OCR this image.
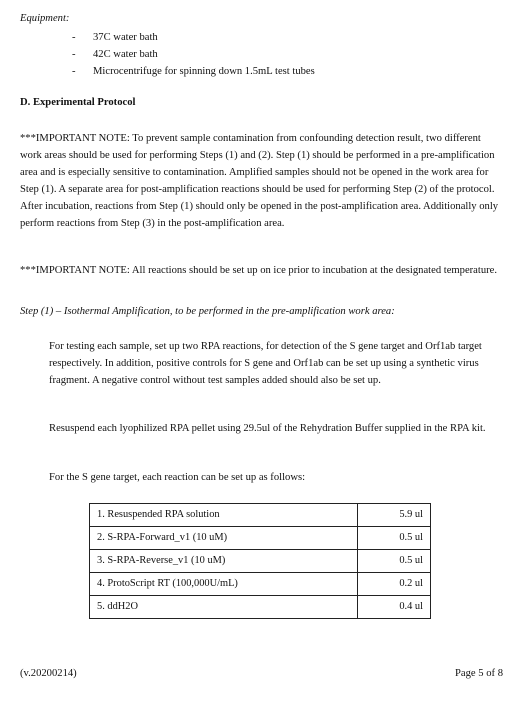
Equipment:
- 37C water bath
- 42C water bath
- Microcentrifuge for spinning down 1.5mL test tubes
D. Experimental Protocol

***IMPORTANT NOTE: To prevent sample contamination from confounding detection result, two different work areas should be used for performing Steps (1) and (2). Step (1) should be performed in a pre-amplification area and is especially sensitive to contamination. Amplified samples should not be opened in the work area for Step (1). A separate area for post-amplification reactions should be used for performing Step (2) of the protocol. After incubation, reactions from Step (1) should only be opened in the post-amplification area. Additionally only perform reactions from Step (3) in the post-amplification area.

***IMPORTANT NOTE: All reactions should be set up on ice prior to incubation at the designated temperature.

Step (1) – Isothermal Amplification, to be performed in the pre-amplification work area:

For testing each sample, set up two RPA reactions, for detection of the S gene target and Orf1ab target respectively. In addition, positive controls for S gene and Orf1ab can be set up using a synthetic virus fragment. A negative control without test samples added should also be set up.

Resuspend each lyophilized RPA pellet using 29.5ul of the Rehydration Buffer supplied in the RPA kit.

For the S gene target, each reaction can be set up as follows:

1. Resuspended RPA solution	5.9 ul
2. S-RPA-Forward_v1 (10 uM)	0.5 ul
3. S-RPA-Reverse_v1 (10 uM)	0.5 ul
4. ProtoScript RT (100,000U/mL)	0.2 ul
5. ddH2O	0.4 ul
(v.20200214)	Page 5 of 8
